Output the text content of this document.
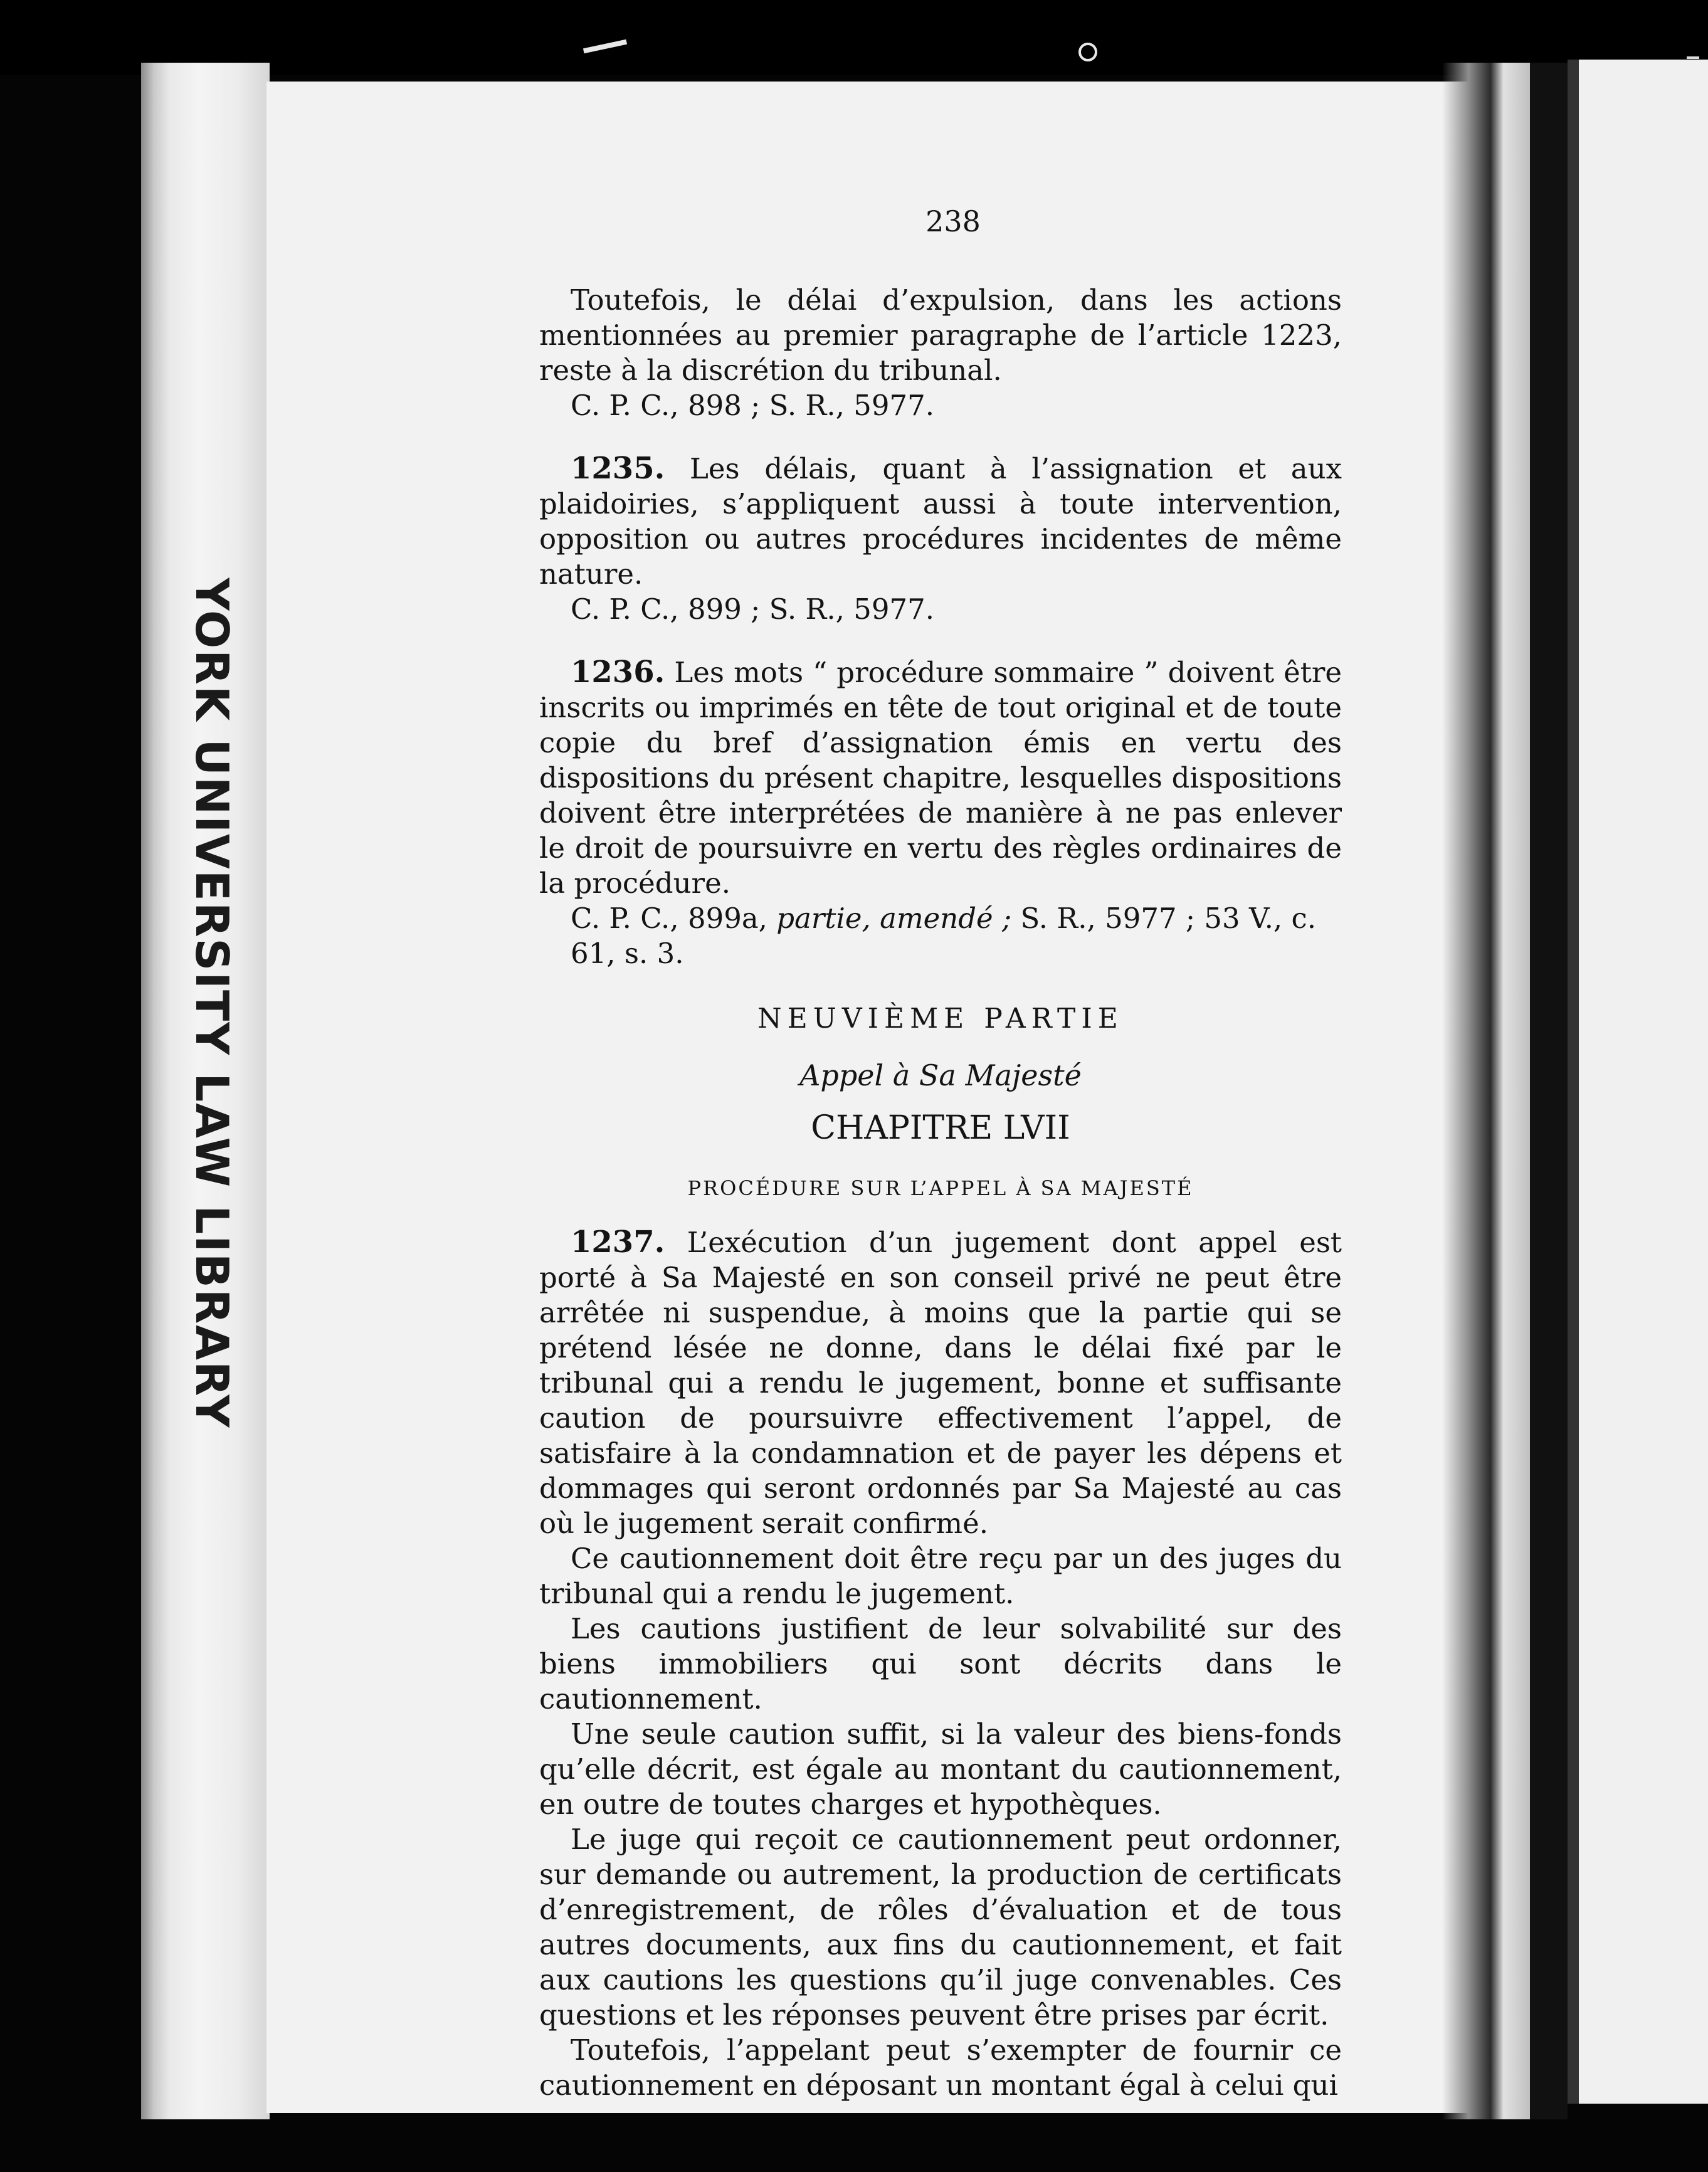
YORK UNIVERSITY LAW LIBRARY
238

Toutefois, le délai d’expulsion, dans les actions mentionnées au premier paragraphe de l’article 1223, reste à la discrétion du tribunal.

C. P. C., 898 ; S. R., 5977.

1235. Les délais, quant à l’assignation et aux plaidoiries, s’appliquent aussi à toute intervention, opposition ou autres procédures incidentes de même nature.

C. P. C., 899 ; S. R., 5977.

1236. Les mots “ procédure sommaire ” doivent être inscrits ou imprimés en tête de tout original et de toute copie du bref d’assignation émis en vertu des dispositions du présent chapitre, lesquelles dispositions doivent être interprétées de manière à ne pas enlever le droit de poursuivre en vertu des règles ordinaires de la procédure.

C. P. C., 899a, partie, amendé ; S. R., 5977 ; 53 V., c. 61, s. 3.

NEUVIÈME PARTIE
Appel à Sa Majesté
CHAPITRE LVII
PROCÉDURE SUR L’APPEL À SA MAJESTÉ

1237. L’exécution d’un jugement dont appel est porté à Sa Majesté en son conseil privé ne peut être arrêtée ni suspendue, à moins que la partie qui se prétend lésée ne donne, dans le délai fixé par le tribunal qui a rendu le jugement, bonne et suffisante caution de poursuivre effectivement l’appel, de satisfaire à la condamnation et de payer les dépens et dommages qui seront ordonnés par Sa Majesté au cas où le jugement serait confirmé.

Ce cautionnement doit être reçu par un des juges du tribunal qui a rendu le jugement.

Les cautions justifient de leur solvabilité sur des biens immobiliers qui sont décrits dans le cautionnement.

Une seule caution suffit, si la valeur des biens-fonds qu’elle décrit, est égale au montant du cautionnement, en outre de toutes charges et hypothèques.

Le juge qui reçoit ce cautionnement peut ordonner, sur demande ou autrement, la production de certificats d’enregistrement, de rôles d’évaluation et de tous autres documents, aux fins du cautionnement, et fait aux cautions les questions qu’il juge convenables. Ces questions et les réponses peuvent être prises par écrit.

Toutefois, l’appelant peut s’exempter de fournir ce cautionnement en déposant un montant égal à celui qui
